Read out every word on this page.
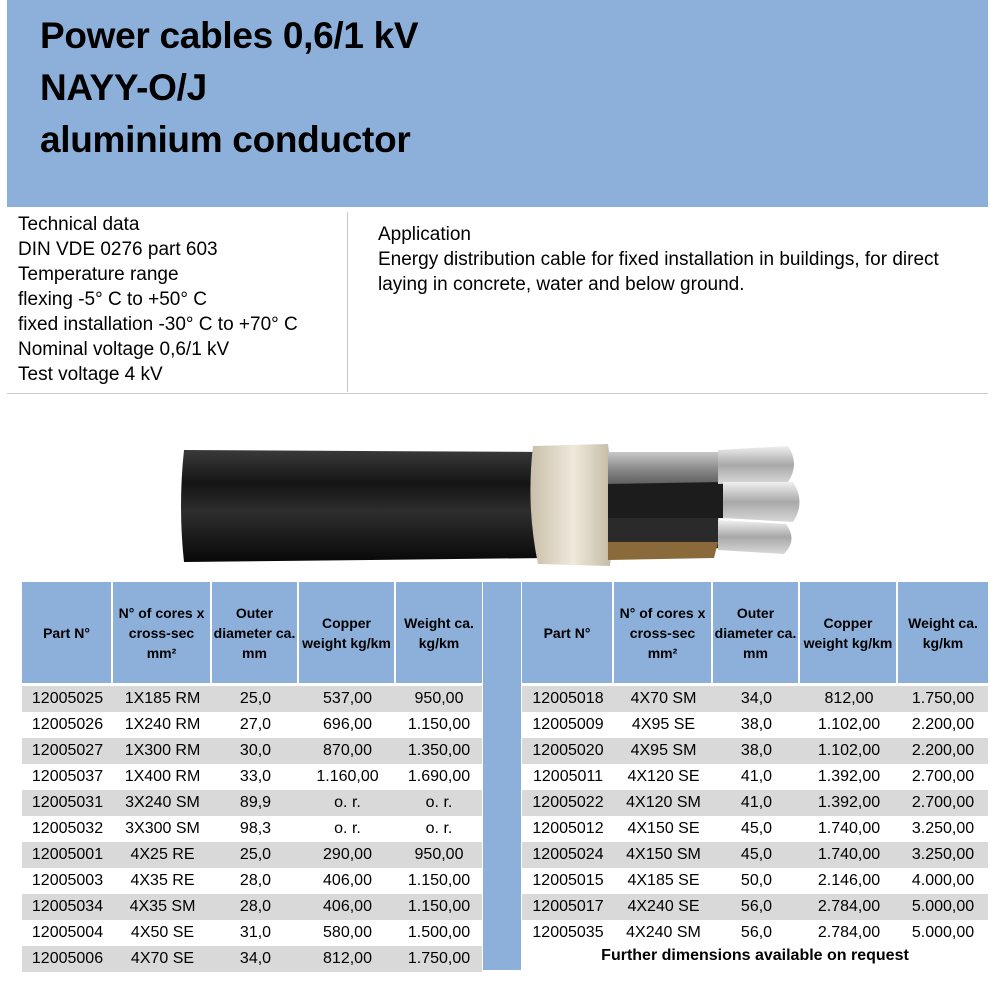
Power cables 0,6/1 kV
NAYY-O/J
aluminium conductor
Technical data
DIN VDE 0276 part 603
Temperature range
flexing -5° C to +50° C
fixed installation -30° C to +70° C
Nominal voltage 0,6/1 kV
Test voltage 4 kV
Application
Energy distribution cable for fixed installation in buildings, for direct laying in concrete, water and below ground.
Part N°	N° of cores x cross-sec mm²	Outer diameter ca. mm	Copper weight kg/km	Weight ca. kg/km

12005025	1X185 RM	25,0	537,00	950,00
12005026	1X240 RM	27,0	696,00	1.150,00
12005027	1X300 RM	30,0	870,00	1.350,00
12005037	1X400 RM	33,0	1.160,00	1.690,00
12005031	3X240 SM	89,9	o. r.	o. r.
12005032	3X300 SM	98,3	o. r.	o. r.
12005001	4X25 RE	25,0	290,00	950,00
12005003	4X35 RE	28,0	406,00	1.150,00
12005034	4X35 SM	28,0	406,00	1.150,00
12005004	4X50 SE	31,0	580,00	1.500,00
12005006	4X70 SE	34,0	812,00	1.750,00
Part N°	N° of cores x cross-sec mm²	Outer diameter ca. mm	Copper weight kg/km	Weight ca. kg/km

12005018	4X70 SM	34,0	812,00	1.750,00
12005009	4X95 SE	38,0	1.102,00	2.200,00
12005020	4X95 SM	38,0	1.102,00	2.200,00
12005011	4X120 SE	41,0	1.392,00	2.700,00
12005022	4X120 SM	41,0	1.392,00	2.700,00
12005012	4X150 SE	45,0	1.740,00	3.250,00
12005024	4X150 SM	45,0	1.740,00	3.250,00
12005015	4X185 SE	50,0	2.146,00	4.000,00
12005017	4X240 SE	56,0	2.784,00	5.000,00
12005035	4X240 SM	56,0	2.784,00	5.000,00
Further dimensions available on request
